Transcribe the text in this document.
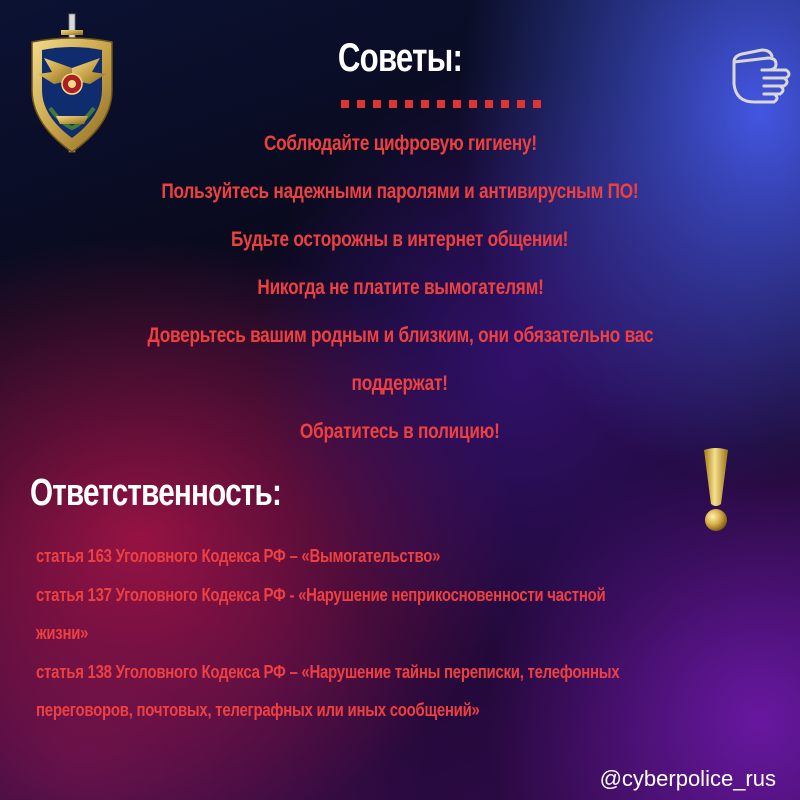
Советы:
Соблюдайте цифровую гигиену!
Пользуйтесь надежными паролями и антивирусным ПО!
Будьте осторожны в интернет общении!
Никогда не платите вымогателям!
Доверьтесь вашим родным и близким, они обязательно вас
поддержат!
Обратитесь в полицию!
Ответственность:

статья 163 Уголовного Кодекса РФ – «Вымогательство»

статья 137 Уголовного Кодекса РФ - «Нарушение неприкосновенности частной

жизни»

статья 138 Уголовного Кодекса РФ – «Нарушение тайны переписки, телефонных

переговоров, почтовых, телеграфных или иных сообщений»

@cyberpolice_rus
